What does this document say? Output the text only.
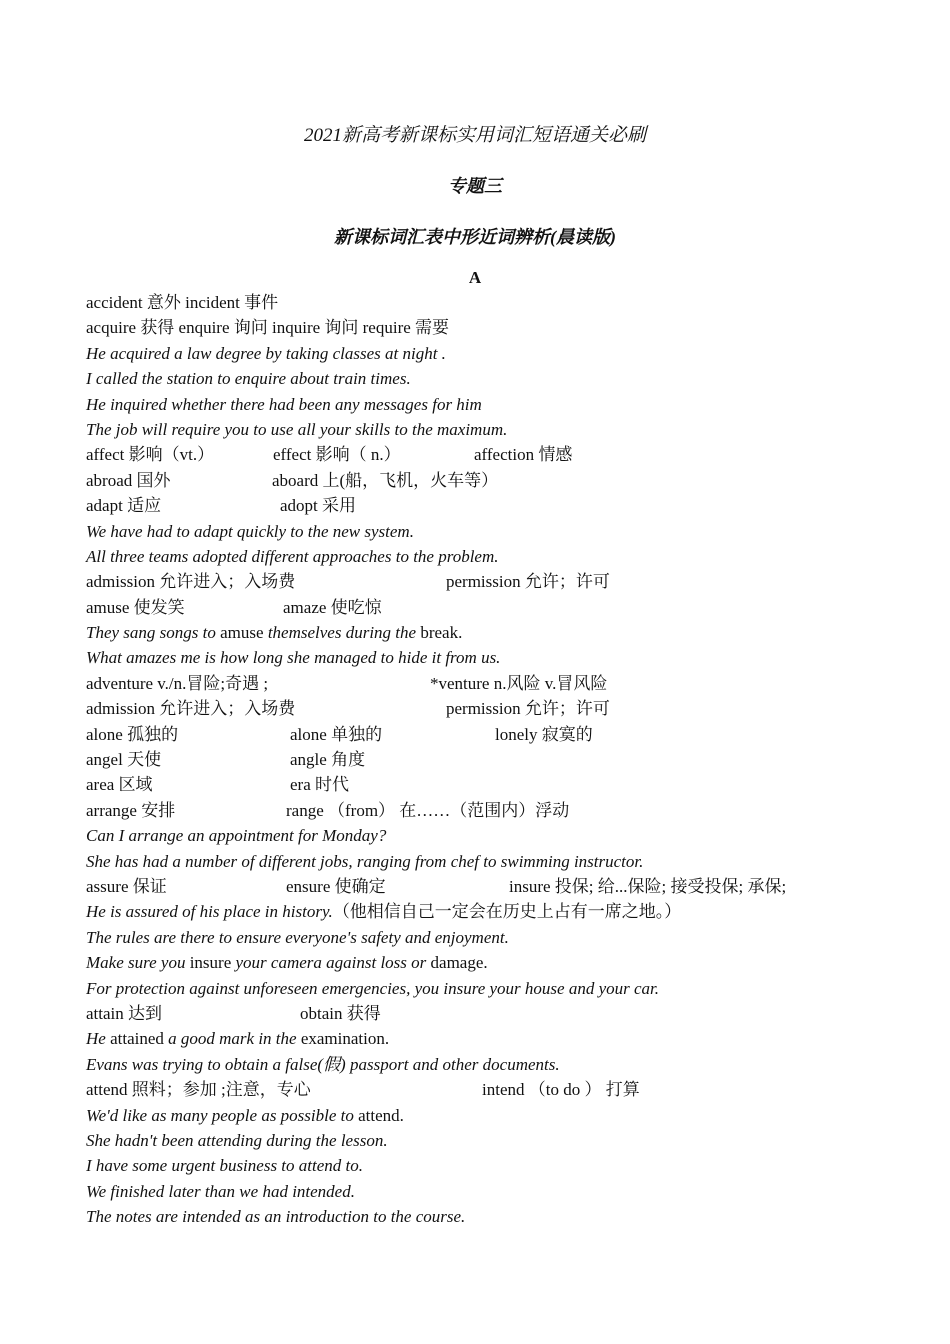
2021新高考新课标实用词汇短语通关必刷
专题三
新课标词汇表中形近词辨析(晨读版)
A
accident 意外 incident 事件
acquire 获得 enquire 询问 inquire 询问 require 需要
He acquired a law degree by taking classes at night .
I called the station to enquire about train times.
He inquired whether there had been any messages for him
The job will require you to use all your skills to the maximum.
affect 影响（vt.）	effect 影响（ n.）	affection 情感
abroad 国外	aboard 上(船，飞机，火车等）
adapt 适应	adopt 采用
We have had to adapt quickly to the new system.
All three teams adopted different approaches to the problem.
admission 允许进入；入场费	permission 允许；许可
amuse 使发笑	amaze 使吃惊
They sang songs to amuse themselves during the break.
What amazes me is how long she managed to hide it from us.
adventure v./n.冒险;奇遇 ;	*venture n.风险 v.冒风险
admission 允许进入；入场费	permission 允许；许可
alone 孤独的	alone 单独的	lonely 寂寞的
angel 天使	angle 角度
area 区域	era 时代
arrange 安排	range （from） 在……（范围内）浮动
Can I arrange an appointment for Monday?
She has had a number of different jobs, ranging from chef to swimming instructor.
assure 保证	ensure 使确定	insure 投保; 给...保险; 接受投保; 承保;
He is assured of his place in history.（他相信自己一定会在历史上占有一席之地。）
The rules are there to ensure everyone's safety and enjoyment.
Make sure you insure your camera against loss or damage.
For protection against unforeseen emergencies, you insure your house and your car.
attain 达到	obtain 获得
He attained a good mark in the examination.
Evans was trying to obtain a false(假) passport and other documents.
attend 照料；参加 ;注意，专心	intend （to do ） 打算
We'd like as many people as possible to attend.
She hadn't been attending during the lesson.
I have some urgent business to attend to.
We finished later than we had intended.
The notes are intended as an introduction to the course.
